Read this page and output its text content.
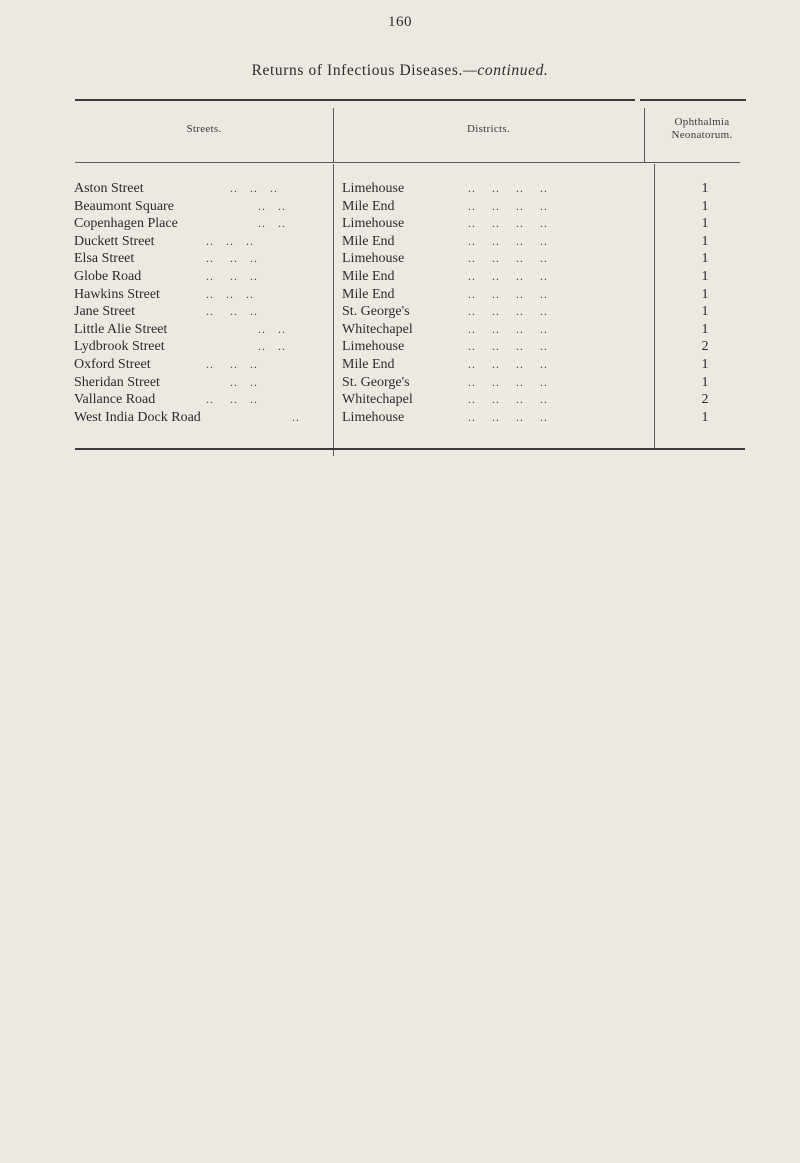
160
Returns of Infectious Diseases.—continued.
Streets.	Districts.
Ophthalmia
Neonatorum.
Aston Street	..   ..   ..	Limehouse	..    ..    ..    ..	1
Beaumont Square	..   ..	Mile End	..    ..    ..    ..	1
Copenhagen Place	..   ..	Limehouse	..    ..    ..    ..	1
Duckett Street	..   ..   ..	Mile End	..    ..    ..    ..	1
Elsa Street	..    ..   ..	Limehouse	..    ..    ..    ..	1
Globe Road	..    ..   ..	Mile End	..    ..    ..    ..	1
Hawkins Street	..   ..   ..	Mile End	..    ..    ..    ..	1
Jane Street	..    ..   ..	St. George's	..    ..    ..    ..	1
Little Alie Street	..   ..	Whitechapel	..    ..    ..    ..	1
Lydbrook Street	..   ..	Limehouse	..    ..    ..    ..	2
Oxford Street	..    ..   ..	Mile End	..    ..    ..    ..	1
Sheridan Street	..   ..	St. George's	..    ..    ..    ..	1
Vallance Road	..    ..   ..	Whitechapel	..    ..    ..    ..	2
West India Dock Road	..	Limehouse	..    ..    ..    ..	1
